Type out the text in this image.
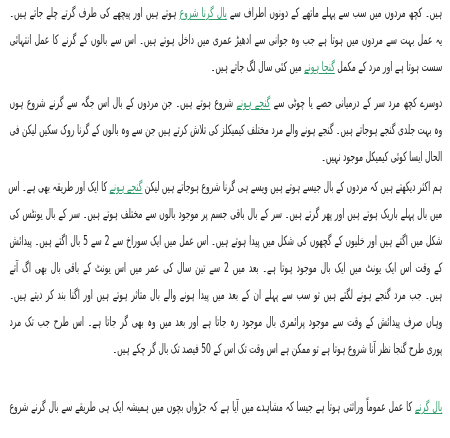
ہیں۔ کچھ مردوں میں سب سے پہلے ماتھے کے دونوں اطراف سے بال گرنا شروع ہوتے ہیں اور پیچھے کی طرف گرتے چلے جاتے ہیں۔
یہ عمل بہت سے مردوں میں ہوتا ہے جب وہ جوانی سے ادھیڑ عمری میں داخل ہوتے ہیں۔ اس سے بالوں کے گرنے کا عمل انتہائی
سست ہوتا ہے اور مرد کے مکمل گنجا ہونے میں کئی سال لگ جاتے ہیں۔
دوسرے کچھ مرد سر کے درمیانی حصے یا چوٹی سے گنجے ہونے شروع ہوتے ہیں۔ جن مردوں کے بال اس جگہ سے گرنے شروع ہوں
وہ بہت جلدی گنجے ہوجاتے ہیں۔ گنجے ہونے والے مرد مختلف کیمیکلز کی تلاش کرتے ہیں جن سے وہ بالوں کے گرنا روک سکیں لیکن فی
الحال ایسا کوئی کیمیکل موجود نہیں۔
ہم اکثر دیکھتے ہیں کہ مردوں کے بال جیسے ہوتے ہیں ویسے ہی گرنا شروع ہوجاتے ہیں لیکن گنجے ہونے کا ایک اور طریقہ بھی ہے۔ اس
میں بال پہلے باریک ہوتے ہیں اور پھر گرتے ہیں۔ سر کے بال باقی جسم پر موجود بالوں سے مختلف ہوتے ہیں۔ سر کے بال یونٹس کی
شکل میں اگتے ہیں اور خلیوں کے گچھوں کی شکل میں پیدا ہوتے ہیں۔ اس عمل میں ایک سوراخ سے 2 سے 5 بال اگتے ہیں۔ پیدائش
کے وقت اس ایک یونٹ میں ایک بال موجود ہوتا ہے۔ بعد میں 2 سے تین سال کی عمر میں اس یونٹ کے باقی بال بھی اگ آتے
ہیں۔ جب مرد گنجے ہونے لگتے ہیں تو سب سے پہلے ان کے بعد میں پیدا ہونے والے بال متاثر ہوتے ہیں اور اگنا بند کر دیتے ہیں۔
وہاں صرف پیدائش کے وقت سے موجود پرائمری بال موجود رہ جاتا ہے اور بعد میں وہ بھی گر جاتا ہے۔ اس طرح جب تک مرد
پوری طرح گنجا نظر آنا شروع ہوتا ہے تو ممکن ہے اس وقت تک اس کے 50 فیصد تک بال گر چکے ہیں۔
بال گرنے کا عمل عموماً وراثتی ہوتا ہے جیسا کہ مشاہدے میں آیا ہے کہ جڑواں بچوں میں ہمیشہ ایک ہی طریقے سے بال گرنے شروع
